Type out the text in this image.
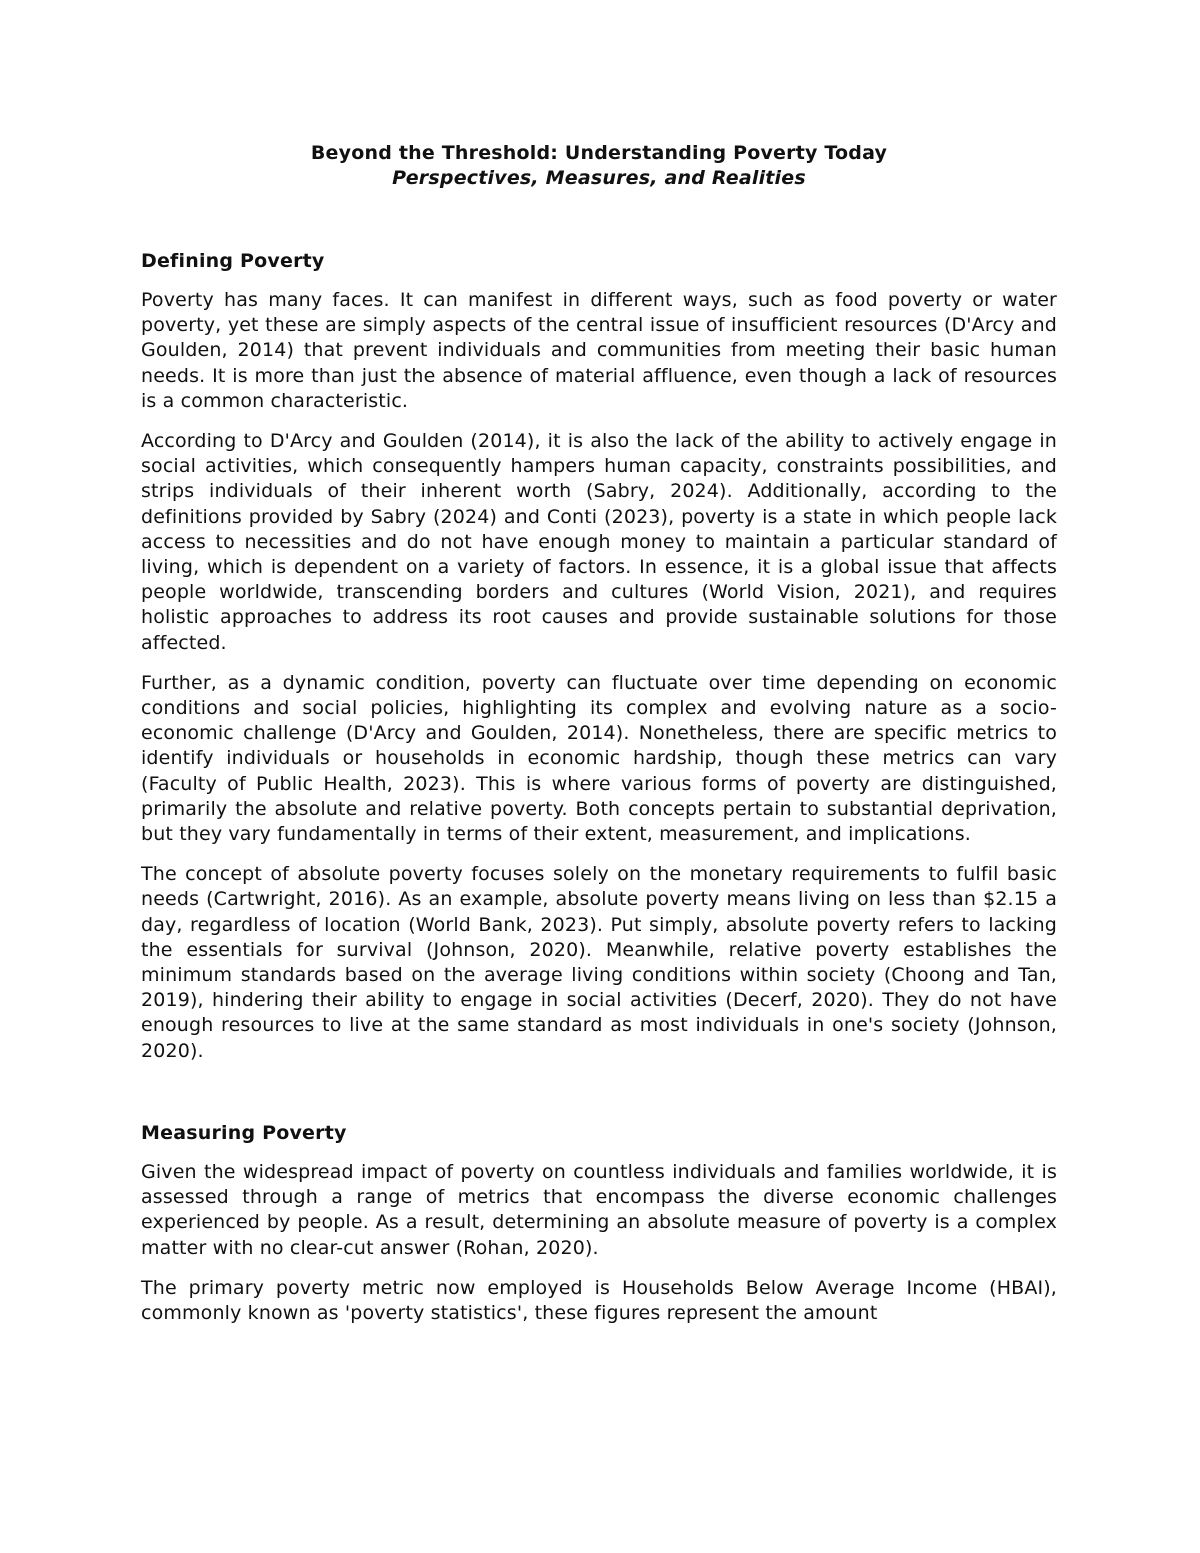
Beyond the Threshold: Understanding Poverty Today

Perspectives, Measures, and Realities

Defining Poverty

Poverty has many faces. It can manifest in different ways, such as food poverty or water poverty, yet these are simply aspects of the central issue of insufficient resources (D'Arcy and Goulden, 2014) that prevent individuals and communities from meeting their basic human needs. It is more than just the absence of material affluence, even though a lack of resources is a common characteristic.

According to D'Arcy and Goulden (2014), it is also the lack of the ability to actively engage in social activities, which consequently hampers human capacity, constraints possibilities, and strips individuals of their inherent worth (Sabry, 2024). Additionally, according to the definitions provided by Sabry (2024) and Conti (2023), poverty is a state in which people lack access to necessities and do not have enough money to maintain a particular standard of living, which is dependent on a variety of factors. In essence, it is a global issue that affects people worldwide, transcending borders and cultures (World Vision, 2021), and requires holistic approaches to address its root causes and provide sustainable solutions for those affected.

Further, as a dynamic condition, poverty can fluctuate over time depending on economic conditions and social policies, highlighting its complex and evolving nature as a socio-economic challenge (D'Arcy and Goulden, 2014). Nonetheless, there are specific metrics to identify individuals or households in economic hardship, though these metrics can vary (Faculty of Public Health, 2023). This is where various forms of poverty are distinguished, primarily the absolute and relative poverty. Both concepts pertain to substantial deprivation, but they vary fundamentally in terms of their extent, measurement, and implications.

The concept of absolute poverty focuses solely on the monetary requirements to fulfil basic needs (Cartwright, 2016). As an example, absolute poverty means living on less than $2.15 a day, regardless of location (World Bank, 2023). Put simply, absolute poverty refers to lacking the essentials for survival (Johnson, 2020). Meanwhile, relative poverty establishes the minimum standards based on the average living conditions within society (Choong and Tan, 2019), hindering their ability to engage in social activities (Decerf, 2020). They do not have enough resources to live at the same standard as most individuals in one's society (Johnson, 2020).

Measuring Poverty

Given the widespread impact of poverty on countless individuals and families worldwide, it is assessed through a range of metrics that encompass the diverse economic challenges experienced by people. As a result, determining an absolute measure of poverty is a complex matter with no clear-cut answer (Rohan, 2020).

The primary poverty metric now employed is Households Below Average Income (HBAI), commonly known as 'poverty statistics', these figures represent the amount
